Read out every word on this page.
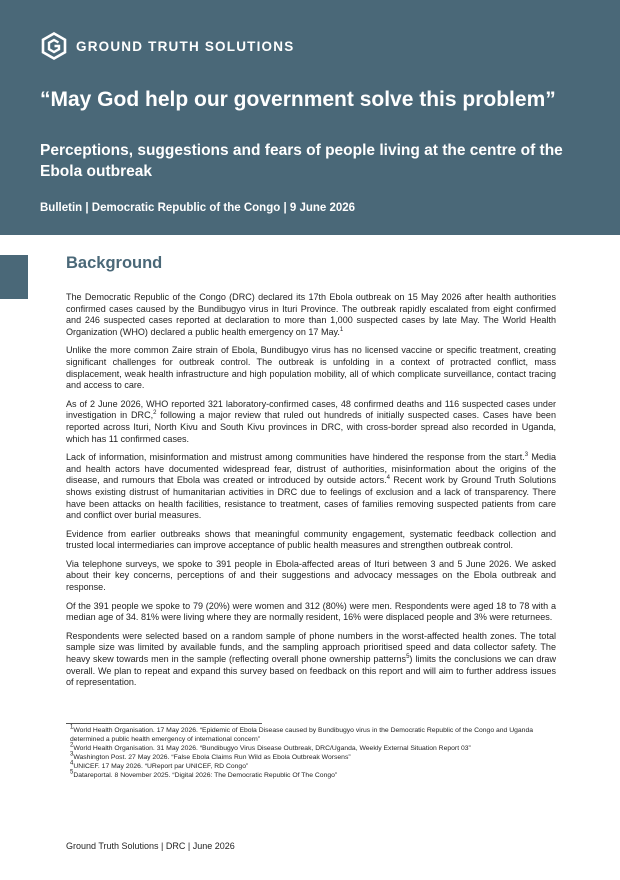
GROUND TRUTH SOLUTIONS
“May God help our government solve this problem”
Perceptions, suggestions and fears of people living at the centre of the Ebola outbreak
Bulletin | Democratic Republic of the Congo | 9 June 2026
Background

The Democratic Republic of the Congo (DRC) declared its 17th Ebola outbreak on 15 May 2026 after health authorities confirmed cases caused by the Bundibugyo virus in Ituri Province. The outbreak rapidly escalated from eight confirmed and 246 suspected cases reported at declaration to more than 1,000 suspected cases by late May. The World Health Organization (WHO) declared a public health emergency on 17 May.$^1$

Unlike the more common Zaire strain of Ebola, Bundibugyo virus has no licensed vaccine or specific treatment, creating significant challenges for outbreak control. The outbreak is unfolding in a context of protracted conflict, mass displacement, weak health infrastructure and high population mobility, all of which complicate surveillance, contact tracing and access to care.

As of 2 June 2026, WHO reported 321 laboratory-confirmed cases, 48 confirmed deaths and 116 suspected cases under investigation in DRC,$^2$ following a major review that ruled out hundreds of initially suspected cases. Cases have been reported across Ituri, North Kivu and South Kivu provinces in DRC, with cross-border spread also recorded in Uganda, which has 11 confirmed cases.

Lack of information, misinformation and mistrust among communities have hindered the response from the start.$^3$ Media and health actors have documented widespread fear, distrust of authorities, misinformation about the origins of the disease, and rumours that Ebola was created or introduced by outside actors.$^4$ Recent work by Ground Truth Solutions shows existing distrust of humanitarian activities in DRC due to feelings of exclusion and a lack of transparency. There have been attacks on health facilities, resistance to treatment, cases of families removing suspected patients from care and conflict over burial measures.

Evidence from earlier outbreaks shows that meaningful community engagement, systematic feedback collection and trusted local intermediaries can improve acceptance of public health measures and strengthen outbreak control.

Via telephone surveys, we spoke to 391 people in Ebola-affected areas of Ituri between 3 and 5 June 2026. We asked about their key concerns, perceptions of and their suggestions and advocacy messages on the Ebola outbreak and response.

Of the 391 people we spoke to 79 (20%) were women and 312 (80%) were men. Respondents were aged 18 to 78 with a median age of 34. 81% were living where they are normally resident, 16% were displaced people and 3% were returnees.

Respondents were selected based on a random sample of phone numbers in the worst-affected health zones. The total sample size was limited by available funds, and the sampling approach prioritised speed and data collector safety. The heavy skew towards men in the sample (reflecting overall phone ownership patterns$^5$) limits the conclusions we can draw overall. We plan to repeat and expand this survey based on feedback on this report and will aim to further address issues of representation.

$^1$World Health Organisation. 17 May 2026. “Epidemic of Ebola Disease caused by Bundibugyo virus in the Democratic Republic of the Congo and Uganda determined a public health emergency of international concern”

$^2$World Health Organisation. 31 May 2026. “Bundibugyo Virus Disease Outbreak, DRC/Uganda, Weekly External Situation Report 03”

$^3$Washington Post. 27 May 2026. “False Ebola Claims Run Wild as Ebola Outbreak Worsens”

$^4$UNICEF. 17 May 2026. “UReport par UNICEF, RD Congo”

$^5$Datareportal. 8 November 2025. “Digital 2026: The Democratic Republic Of The Congo”

Ground Truth Solutions | DRC | June 2026
